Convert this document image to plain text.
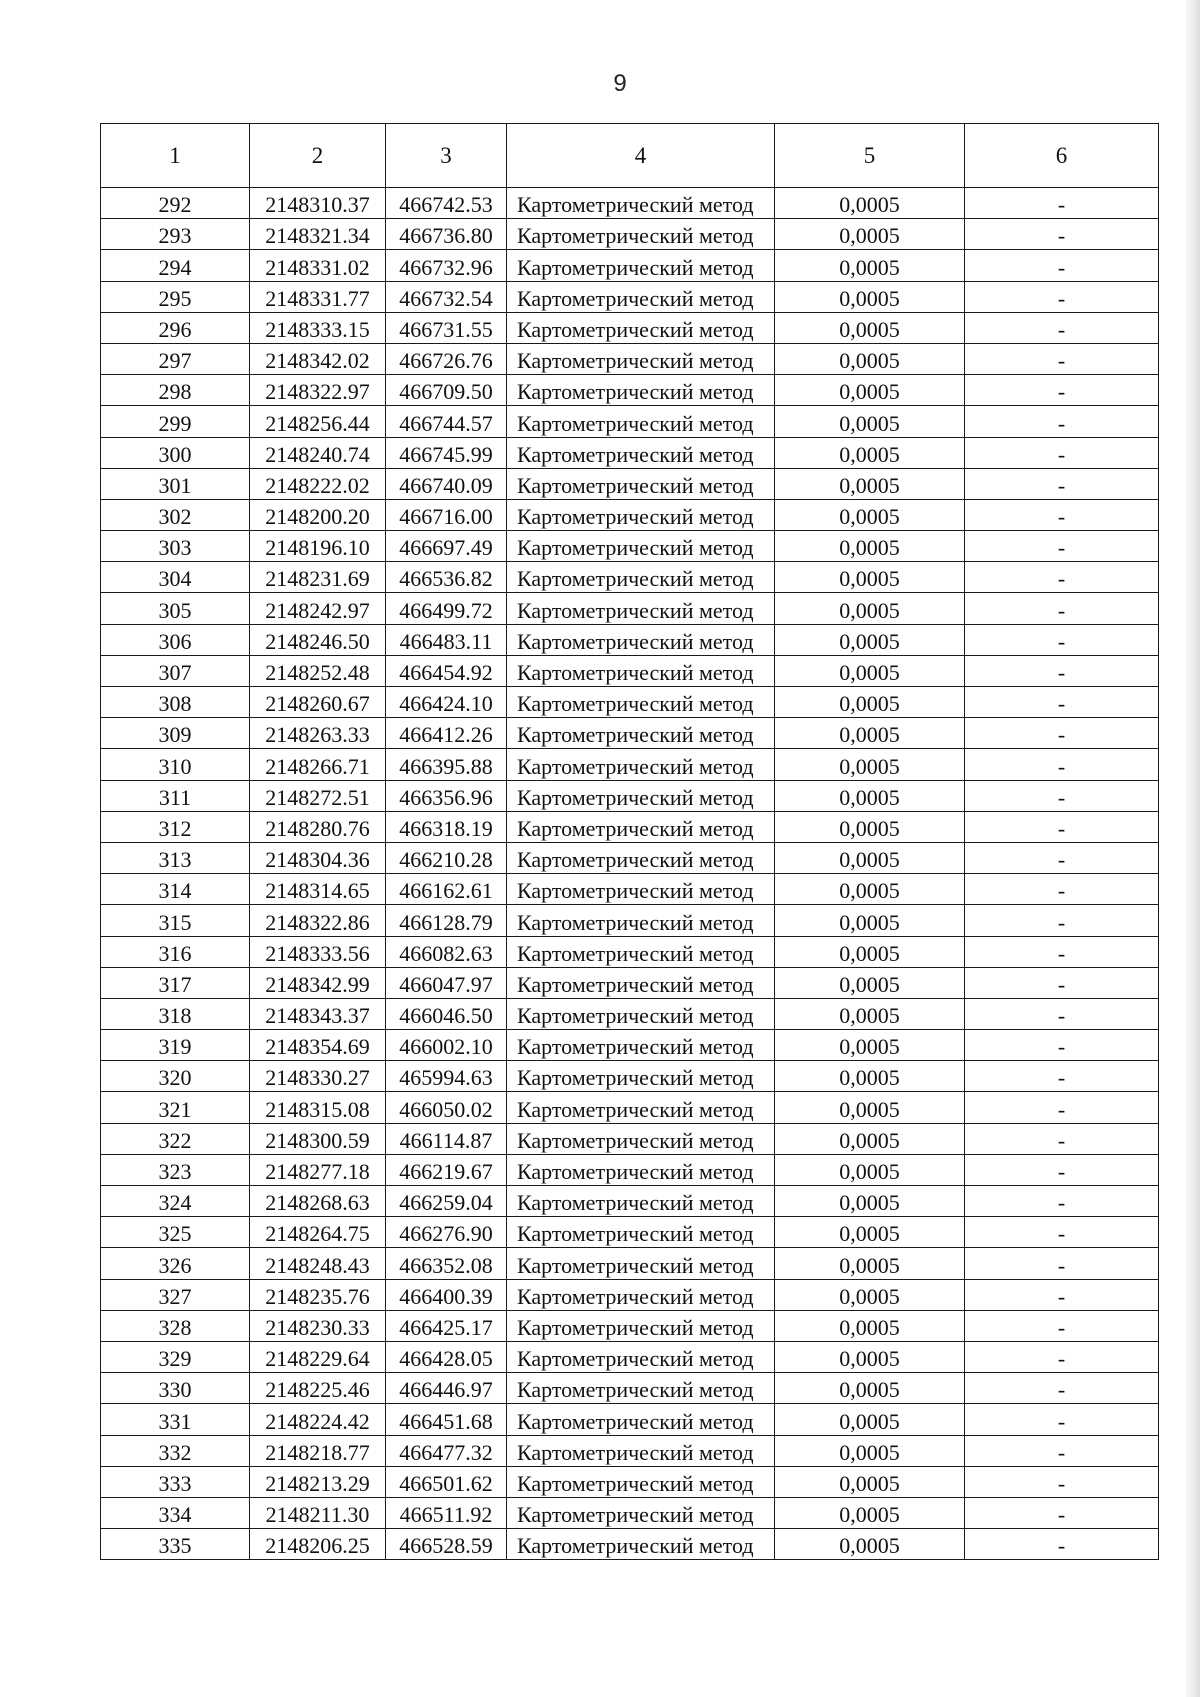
9
1	2	3	4	5	6
292	2148310.37	466742.53	Картометрический метод	0,0005	-
293	2148321.34	466736.80	Картометрический метод	0,0005	-
294	2148331.02	466732.96	Картометрический метод	0,0005	-
295	2148331.77	466732.54	Картометрический метод	0,0005	-
296	2148333.15	466731.55	Картометрический метод	0,0005	-
297	2148342.02	466726.76	Картометрический метод	0,0005	-
298	2148322.97	466709.50	Картометрический метод	0,0005	-
299	2148256.44	466744.57	Картометрический метод	0,0005	-
300	2148240.74	466745.99	Картометрический метод	0,0005	-
301	2148222.02	466740.09	Картометрический метод	0,0005	-
302	2148200.20	466716.00	Картометрический метод	0,0005	-
303	2148196.10	466697.49	Картометрический метод	0,0005	-
304	2148231.69	466536.82	Картометрический метод	0,0005	-
305	2148242.97	466499.72	Картометрический метод	0,0005	-
306	2148246.50	466483.11	Картометрический метод	0,0005	-
307	2148252.48	466454.92	Картометрический метод	0,0005	-
308	2148260.67	466424.10	Картометрический метод	0,0005	-
309	2148263.33	466412.26	Картометрический метод	0,0005	-
310	2148266.71	466395.88	Картометрический метод	0,0005	-
311	2148272.51	466356.96	Картометрический метод	0,0005	-
312	2148280.76	466318.19	Картометрический метод	0,0005	-
313	2148304.36	466210.28	Картометрический метод	0,0005	-
314	2148314.65	466162.61	Картометрический метод	0,0005	-
315	2148322.86	466128.79	Картометрический метод	0,0005	-
316	2148333.56	466082.63	Картометрический метод	0,0005	-
317	2148342.99	466047.97	Картометрический метод	0,0005	-
318	2148343.37	466046.50	Картометрический метод	0,0005	-
319	2148354.69	466002.10	Картометрический метод	0,0005	-
320	2148330.27	465994.63	Картометрический метод	0,0005	-
321	2148315.08	466050.02	Картометрический метод	0,0005	-
322	2148300.59	466114.87	Картометрический метод	0,0005	-
323	2148277.18	466219.67	Картометрический метод	0,0005	-
324	2148268.63	466259.04	Картометрический метод	0,0005	-
325	2148264.75	466276.90	Картометрический метод	0,0005	-
326	2148248.43	466352.08	Картометрический метод	0,0005	-
327	2148235.76	466400.39	Картометрический метод	0,0005	-
328	2148230.33	466425.17	Картометрический метод	0,0005	-
329	2148229.64	466428.05	Картометрический метод	0,0005	-
330	2148225.46	466446.97	Картометрический метод	0,0005	-
331	2148224.42	466451.68	Картометрический метод	0,0005	-
332	2148218.77	466477.32	Картометрический метод	0,0005	-
333	2148213.29	466501.62	Картометрический метод	0,0005	-
334	2148211.30	466511.92	Картометрический метод	0,0005	-
335	2148206.25	466528.59	Картометрический метод	0,0005	-
